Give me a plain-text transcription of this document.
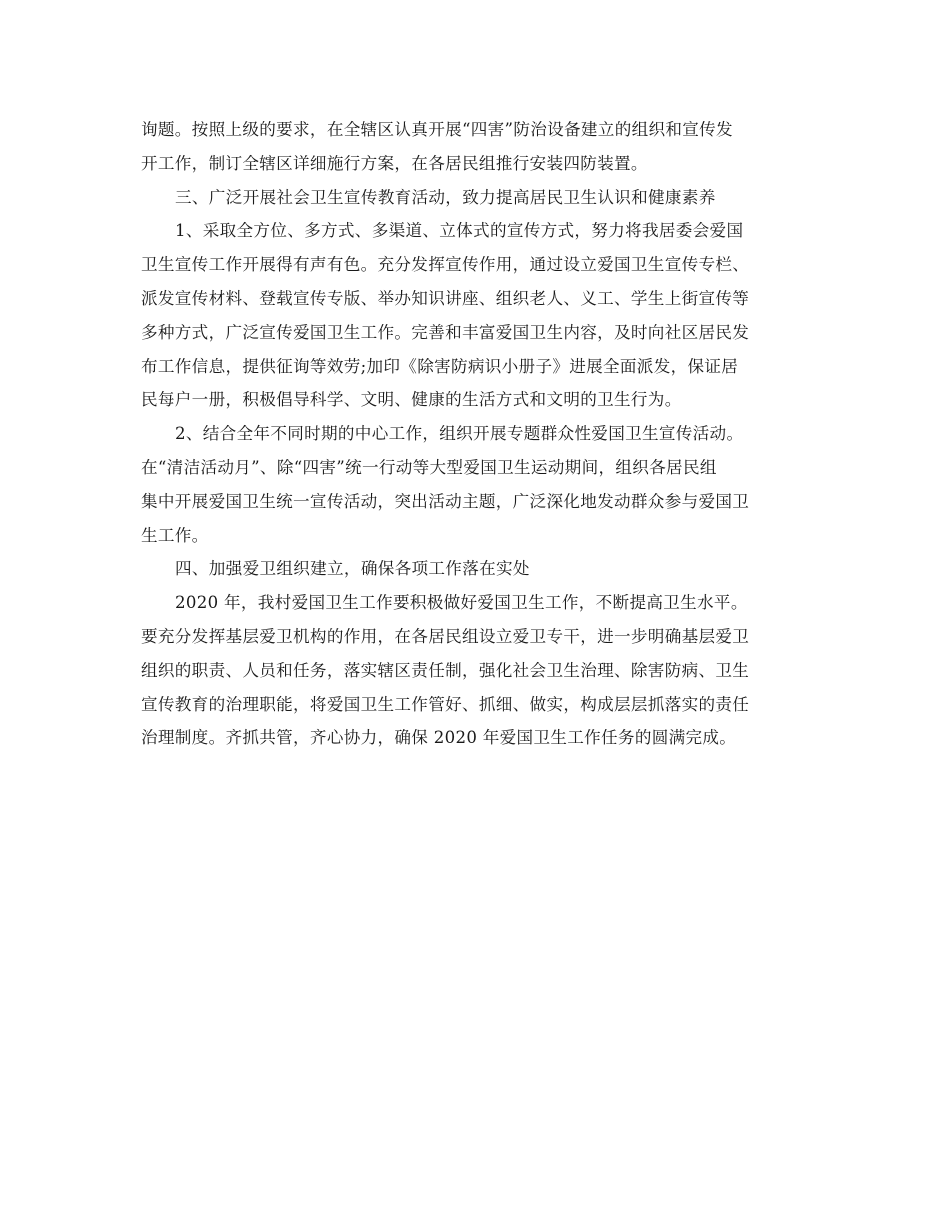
询题。按照上级的要求，在全辖区认真开展“四害”防治设备建立的组织和宣传发
开工作，制订全辖区详细施行方案，在各居民组推行安装四防装置。
三、广泛开展社会卫生宣传教育活动，致力提高居民卫生认识和健康素养
1、采取全方位、多方式、多渠道、立体式的宣传方式，努力将我居委会爱国
卫生宣传工作开展得有声有色。充分发挥宣传作用，通过设立爱国卫生宣传专栏、
派发宣传材料、登载宣传专版、举办知识讲座、组织老人、义工、学生上街宣传等
多种方式，广泛宣传爱国卫生工作。完善和丰富爱国卫生内容，及时向社区居民发
布工作信息，提供征询等效劳;加印《除害防病识小册子》进展全面派发，保证居
民每户一册，积极倡导科学、文明、健康的生活方式和文明的卫生行为。
2、结合全年不同时期的中心工作，组织开展专题群众性爱国卫生宣传活动。
在“清洁活动月”、除“四害”统一行动等大型爱国卫生运动期间，组织各居民组
集中开展爱国卫生统一宣传活动，突出活动主题，广泛深化地发动群众参与爱国卫
生工作。
四、加强爱卫组织建立，确保各项工作落在实处
2020 年，我村爱国卫生工作要积极做好爱国卫生工作，不断提高卫生水平。
要充分发挥基层爱卫机构的作用，在各居民组设立爱卫专干，进一步明确基层爱卫
组织的职责、人员和任务，落实辖区责任制，强化社会卫生治理、除害防病、卫生
宣传教育的治理职能，将爱国卫生工作管好、抓细、做实，构成层层抓落实的责任
治理制度。齐抓共管，齐心协力，确保 2020 年爱国卫生工作任务的圆满完成。
